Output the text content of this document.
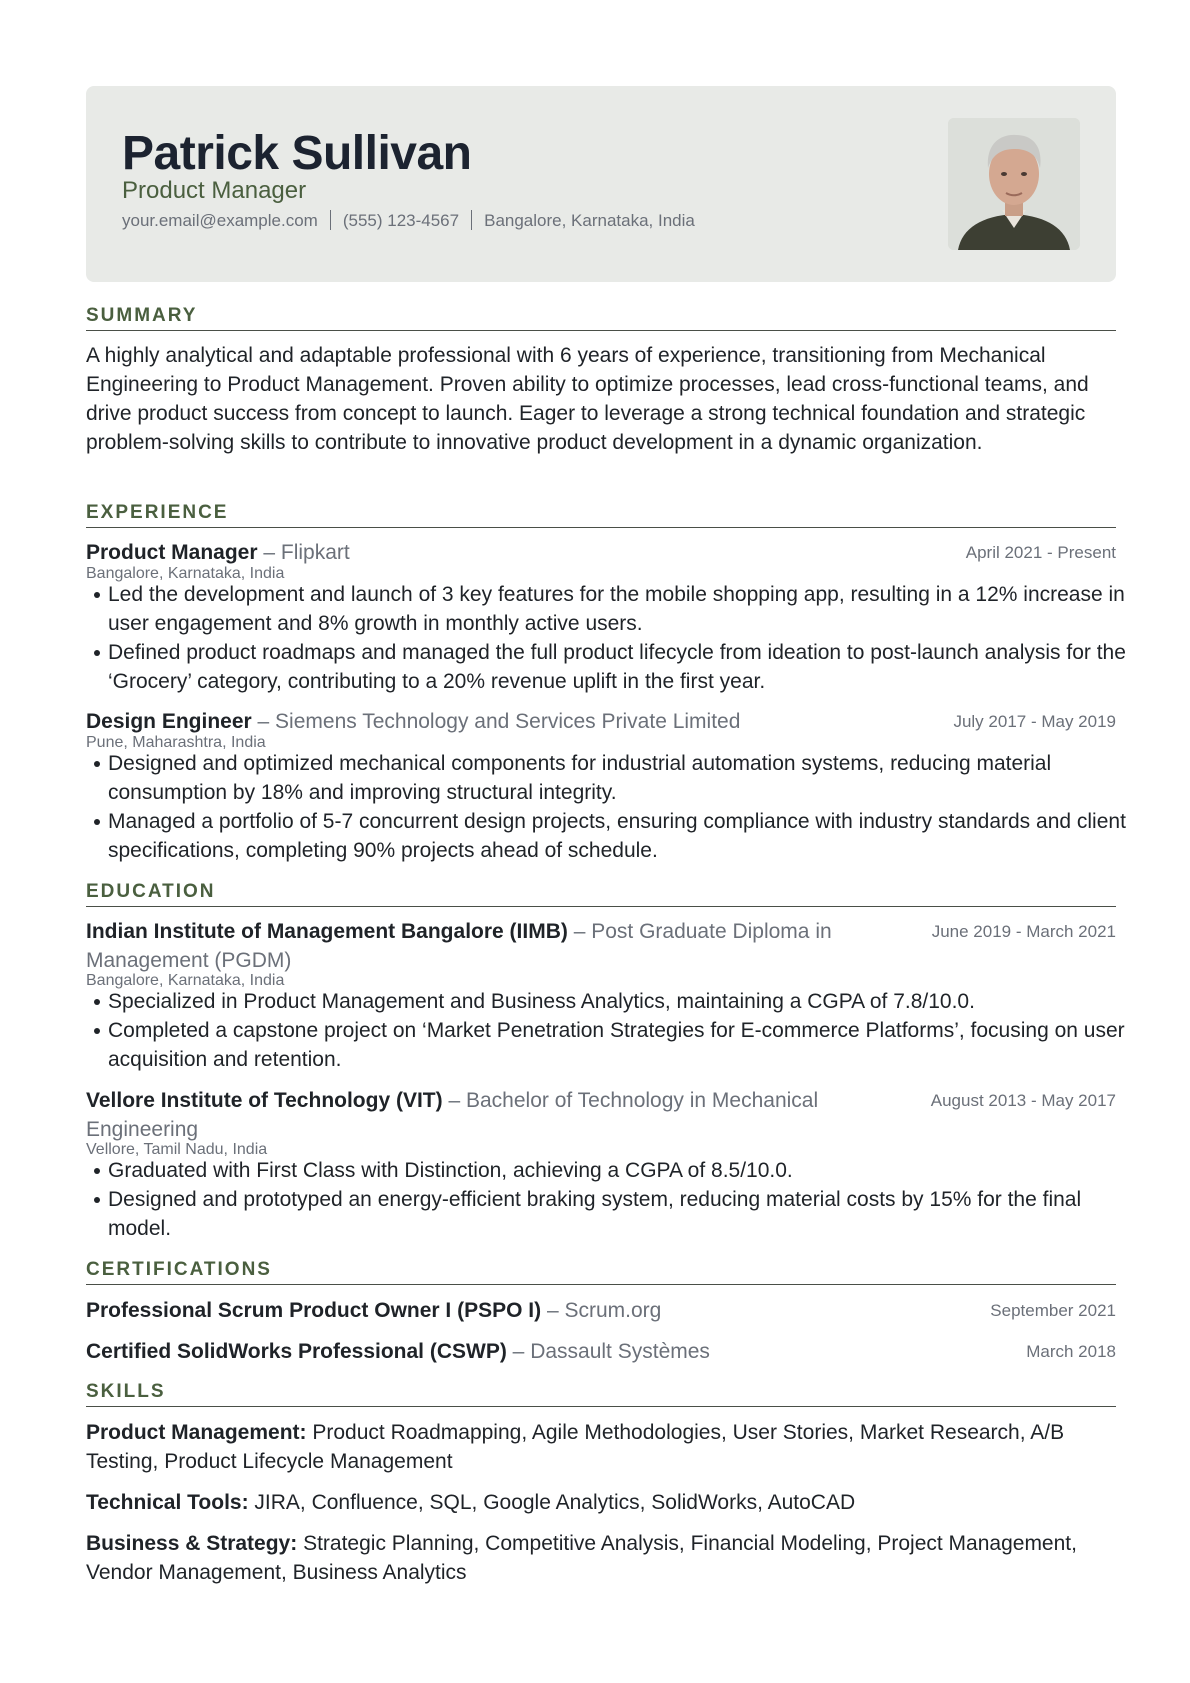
Patrick Sullivan
Product Manager
your.email@example.com (555) 123-4567 Bangalore, Karnataka, India
SUMMARY
A highly analytical and adaptable professional with 6 years of experience, transitioning from Mechanical Engineering to Product Management. Proven ability to optimize processes, lead cross-functional teams, and drive product success from concept to launch. Eager to leverage a strong technical foundation and strategic problem-solving skills to contribute to innovative product development in a dynamic organization.
EXPERIENCE
Product Manager – Flipkart	April 2021 - Present
Bangalore, Karnataka, India
Led the development and launch of 3 key features for the mobile shopping app, resulting in a 12% increase in user engagement and 8% growth in monthly active users.
Defined product roadmaps and managed the full product lifecycle from ideation to post-launch analysis for the ‘Grocery’ category, contributing to a 20% revenue uplift in the first year.
Design Engineer – Siemens Technology and Services Private Limited	July 2017 - May 2019
Pune, Maharashtra, India
Designed and optimized mechanical components for industrial automation systems, reducing material consumption by 18% and improving structural integrity.
Managed a portfolio of 5-7 concurrent design projects, ensuring compliance with industry standards and client specifications, completing 90% projects ahead of schedule.
EDUCATION
Indian Institute of Management Bangalore (IIMB) – Post Graduate Diploma in Management (PGDM)
June 2019 - March 2021
Bangalore, Karnataka, India
Specialized in Product Management and Business Analytics, maintaining a CGPA of 7.8/10.0.
Completed a capstone project on ‘Market Penetration Strategies for E-commerce Platforms’, focusing on user acquisition and retention.
Vellore Institute of Technology (VIT) – Bachelor of Technology in Mechanical Engineering
August 2013 - May 2017
Vellore, Tamil Nadu, India
Graduated with First Class with Distinction, achieving a CGPA of 8.5/10.0.
Designed and prototyped an energy-efficient braking system, reducing material costs by 15% for the final model.
CERTIFICATIONS
Professional Scrum Product Owner I (PSPO I) – Scrum.org	September 2021
Certified SolidWorks Professional (CSWP) – Dassault Systèmes	March 2018
SKILLS
Product Management: Product Roadmapping, Agile Methodologies, User Stories, Market Research, A/B Testing, Product Lifecycle Management
Technical Tools: JIRA, Confluence, SQL, Google Analytics, SolidWorks, AutoCAD
Business & Strategy: Strategic Planning, Competitive Analysis, Financial Modeling, Project Management, Vendor Management, Business Analytics
